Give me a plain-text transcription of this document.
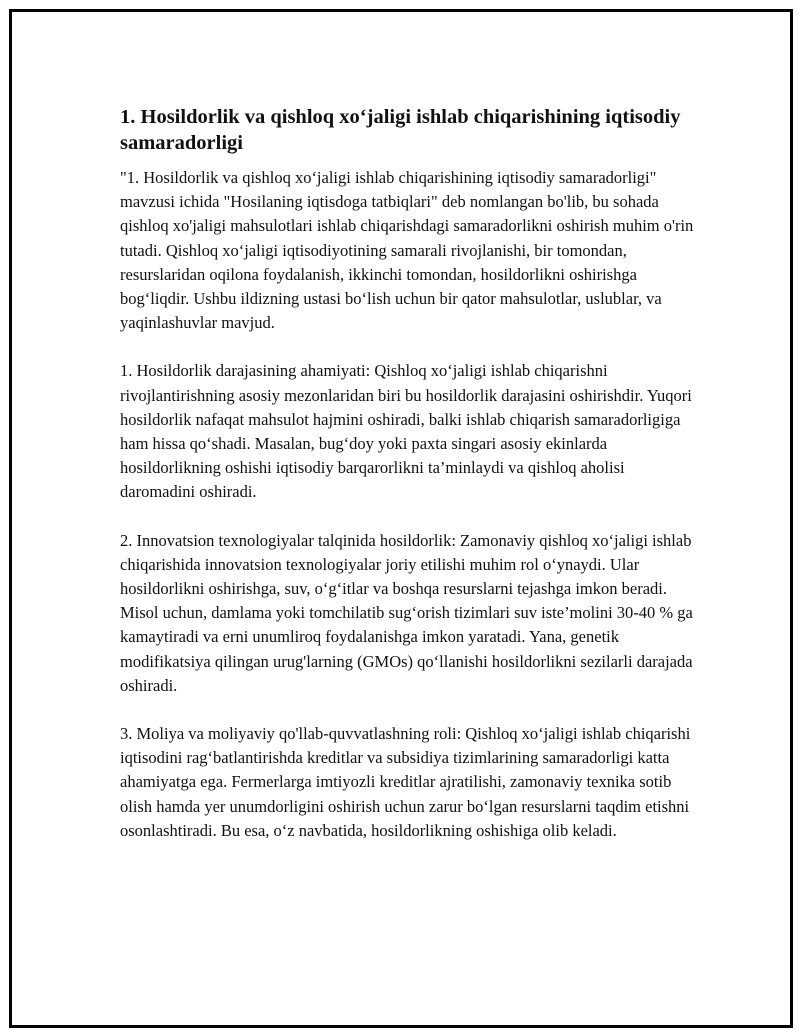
1. Hosildorlik va qishloq xo‘jaligi ishlab chiqarishining iqtisodiy samaradorligi

"1. Hosildorlik va qishloq xo‘jaligi ishlab chiqarishining iqtisodiy samaradorligi" mavzusi ichida "Hosilaning iqtisdoga tatbiqlari" deb nomlangan bo'lib, bu sohada qishloq xo'jaligi mahsulotlari ishlab chiqarishdagi samaradorlikni oshirish muhim o'rin tutadi. Qishloq xo‘jaligi iqtisodiyotining samarali rivojlanishi, bir tomondan, resurslaridan oqilona foydalanish, ikkinchi tomondan, hosildorlikni oshirishga bog‘liqdir. Ushbu ildizning ustasi bo‘lish uchun bir qator mahsulotlar, uslublar, va yaqinlashuvlar mavjud.

1. Hosildorlik darajasining ahamiyati: Qishloq xo‘jaligi ishlab chiqarishni rivojlantirishning asosiy mezonlaridan biri bu hosildorlik darajasini oshirishdir. Yuqori hosildorlik nafaqat mahsulot hajmini oshiradi, balki ishlab chiqarish samaradorligiga ham hissa qo‘shadi. Masalan, bug‘doy yoki paxta singari asosiy ekinlarda hosildorlikning oshishi iqtisodiy barqarorlikni ta’minlaydi va qishloq aholisi daromadini oshiradi.

2. Innovatsion texnologiyalar talqinida hosildorlik: Zamonaviy qishloq xo‘jaligi ishlab chiqarishida innovatsion texnologiyalar joriy etilishi muhim rol o‘ynaydi. Ular hosildorlikni oshirishga, suv, o‘g‘itlar va boshqa resurslarni tejashga imkon beradi. Misol uchun, damlama yoki tomchilatib sug‘orish tizimlari suv iste’molini 30-40 % ga kamaytiradi va erni unumliroq foydalanishga imkon yaratadi. Yana, genetik modifikatsiya qilingan urug'larning (GMOs) qo‘llanishi hosildorlikni sezilarli darajada oshiradi.

3. Moliya va moliyaviy qo'llab-quvvatlashning roli: Qishloq xo‘jaligi ishlab chiqarishi iqtisodini rag‘batlantirishda kreditlar va subsidiya tizimlarining samaradorligi katta ahamiyatga ega. Fermerlarga imtiyozli kreditlar ajratilishi, zamonaviy texnika sotib olish hamda yer unumdorligini oshirish uchun zarur bo‘lgan resurslarni taqdim etishni osonlashtiradi. Bu esa, o‘z navbatida, hosildorlikning oshishiga olib keladi.
